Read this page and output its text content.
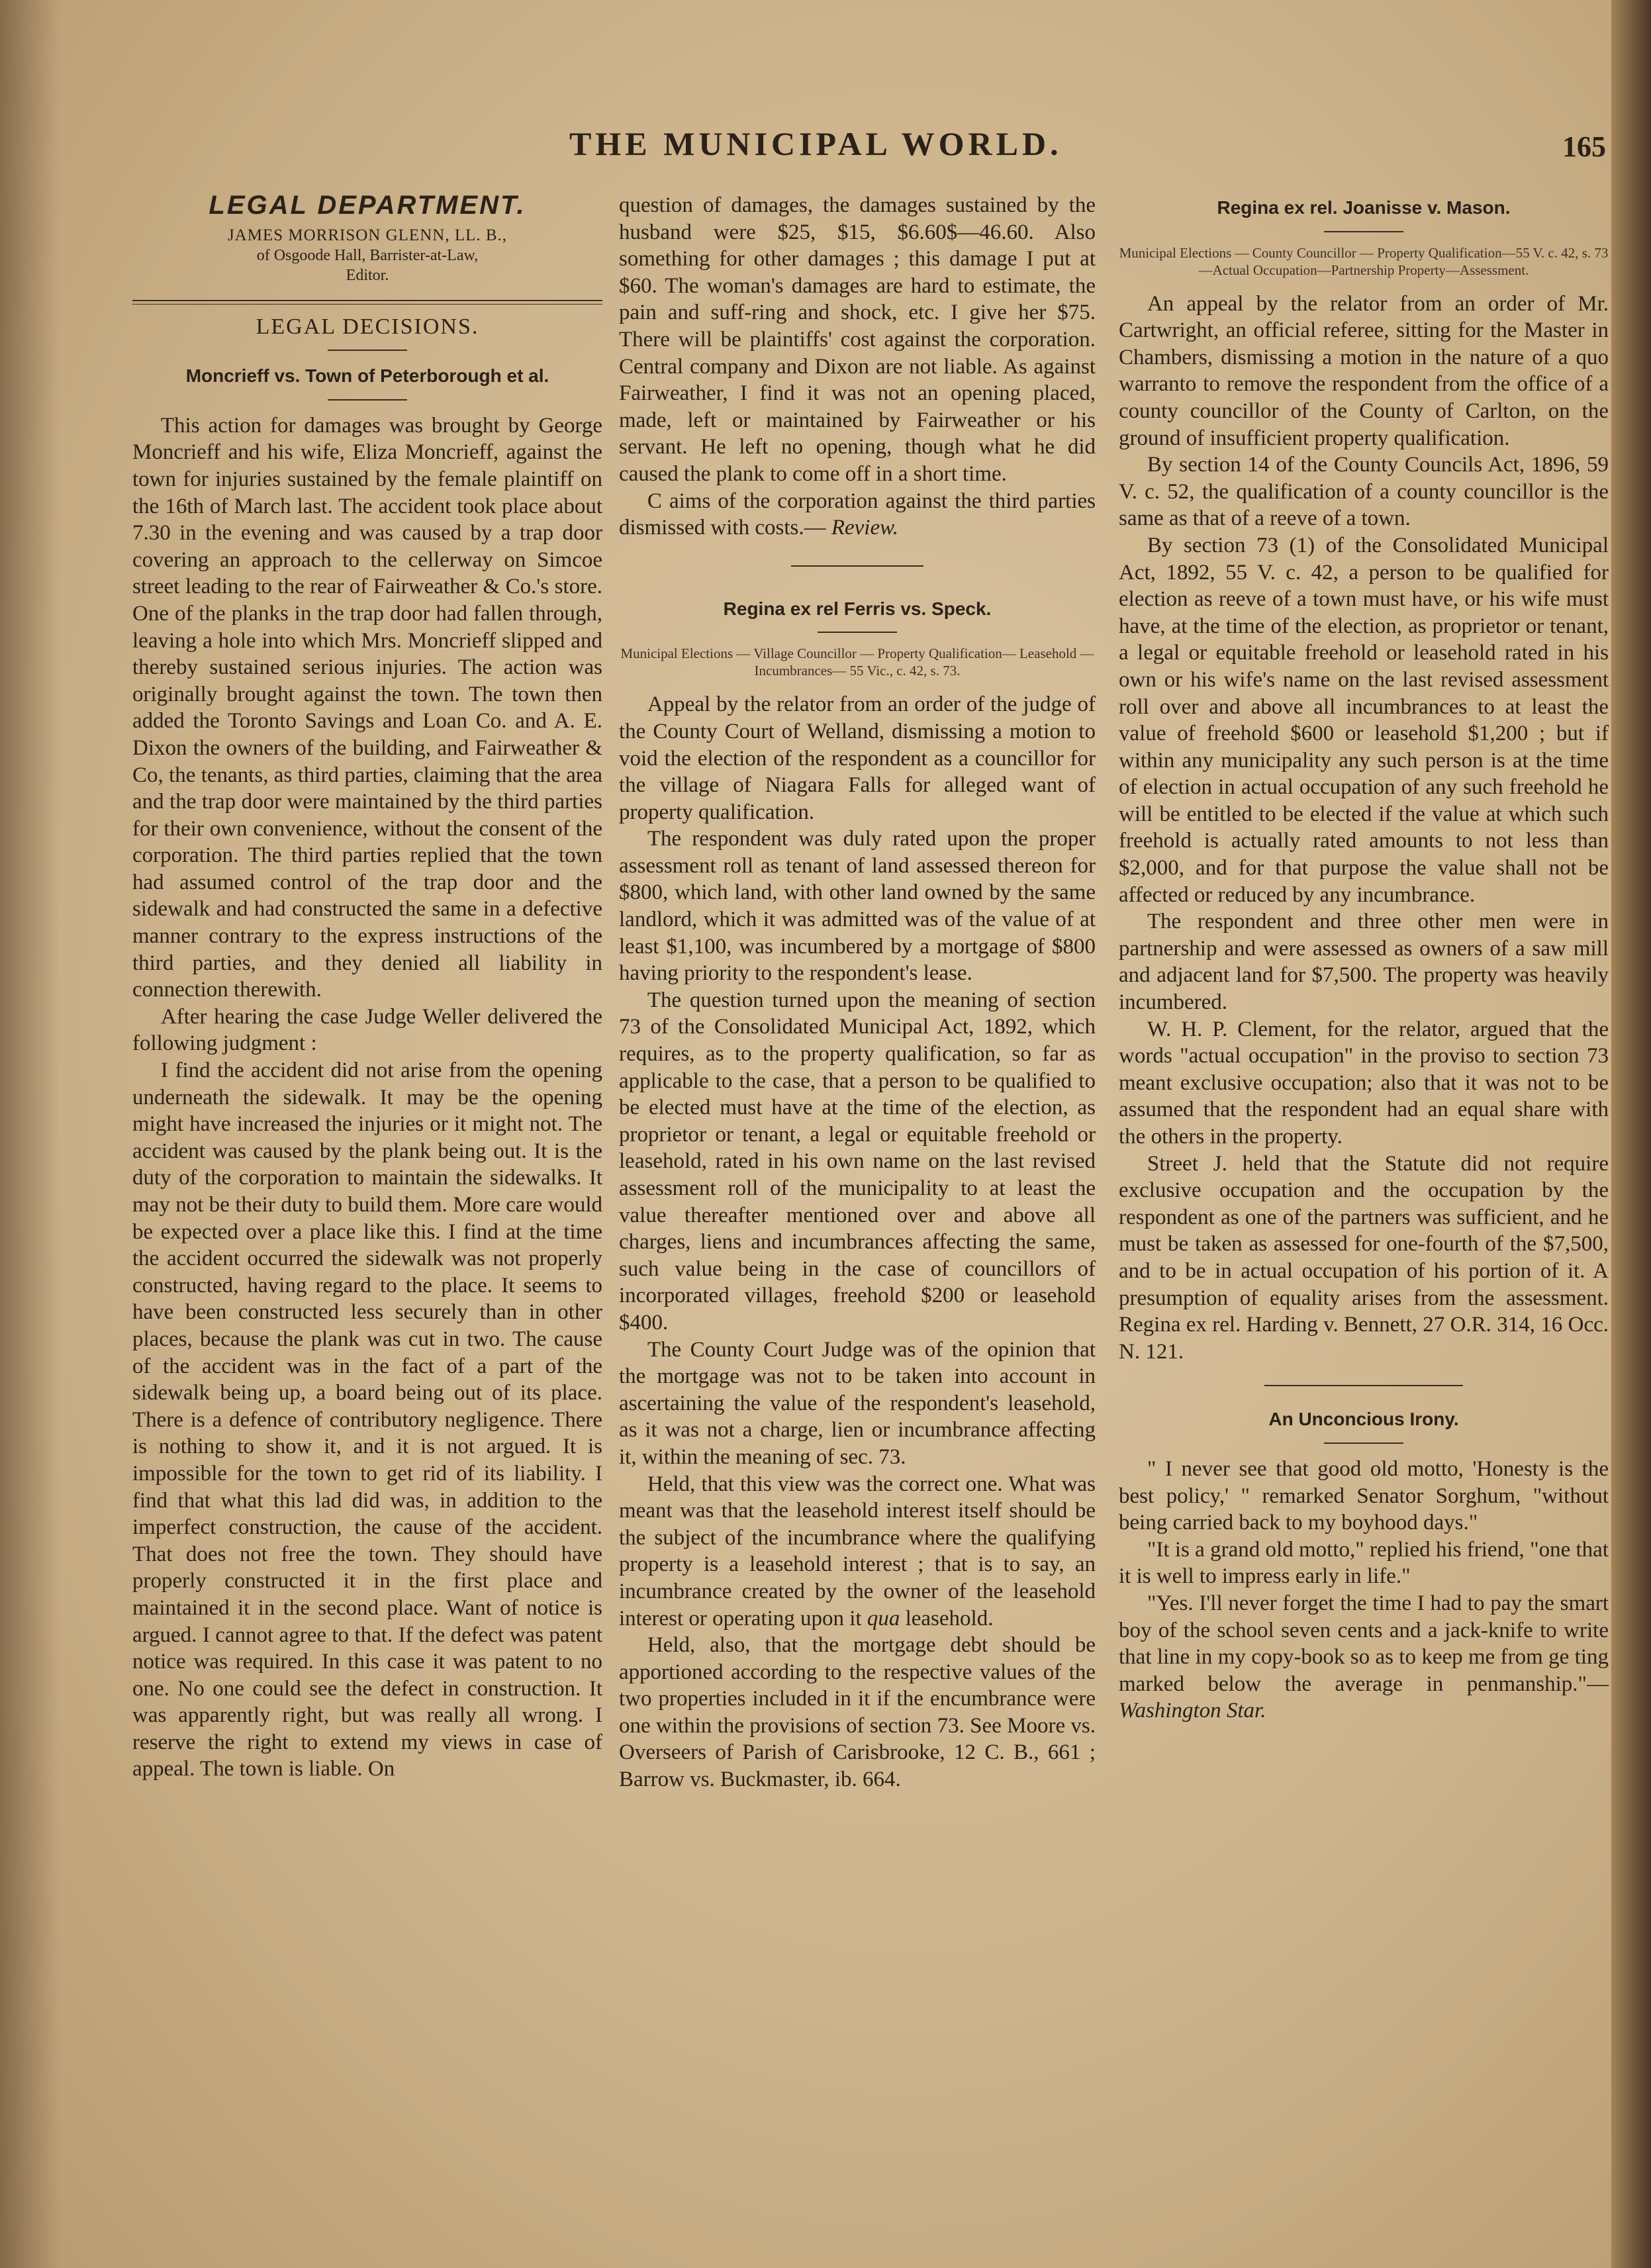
THE MUNICIPAL WORLD.	165
LEGAL DEPARTMENT.
JAMES MORRISON GLENN, LL. B.,
of Osgoode Hall, Barrister-at-Law,
Editor.
LEGAL DECISIONS.
Moncrieff vs. Town of Peterborough et al.

This action for damages was brought by George Moncrieff and his wife, Eliza Moncrieff, against the town for injuries sustained by the female plaintiff on the 16th of March last. The accident took place about 7.30 in the evening and was caused by a trap door covering an approach to the cellerway on Simcoe street leading to the rear of Fairweather & Co.'s store. One of the planks in the trap door had fallen through, leaving a hole into which Mrs. Moncrieff slipped and thereby sustained serious injuries. The action was originally brought against the town. The town then added the Toronto Savings and Loan Co. and A. E. Dixon the owners of the building, and Fairweather & Co, the tenants, as third parties, claiming that the area and the trap door were maintained by the third parties for their own convenience, without the consent of the corporation. The third parties replied that the town had assumed control of the trap door and the sidewalk and had constructed the same in a defective manner contrary to the express instructions of the third parties, and they denied all liability in connection therewith.

After hearing the case Judge Weller delivered the following judgment :

I find the accident did not arise from the opening underneath the sidewalk. It may be the opening might have increased the injuries or it might not. The accident was caused by the plank being out. It is the duty of the corporation to maintain the sidewalks. It may not be their duty to build them. More care would be expected over a place like this. I find at the time the accident occurred the sidewalk was not properly constructed, having regard to the place. It seems to have been constructed less securely than in other places, because the plank was cut in two. The cause of the accident was in the fact of a part of the sidewalk being up, a board being out of its place. There is a defence of contributory negligence. There is nothing to show it, and it is not argued. It is impossible for the town to get rid of its liability. I find that what this lad did was, in addition to the imperfect construction, the cause of the accident. That does not free the town. They should have properly constructed it in the first place and maintained it in the second place. Want of notice is argued. I cannot agree to that. If the defect was patent notice was required. In this case it was patent to no one. No one could see the defect in construction. It was apparently right, but was really all wrong. I reserve the right to extend my views in case of appeal. The town is liable. On

question of damages, the damages sustained by the husband were $25, $15, $6.60$—46.60. Also something for other damages ; this damage I put at $60. The woman's damages are hard to estimate, the pain and suff-ring and shock, etc. I give her $75. There will be plaintiffs' cost against the corporation. Central company and Dixon are not liable. As against Fairweather, I find it was not an opening placed, made, left or maintained by Fairweather or his servant. He left no opening, though what he did caused the plank to come off in a short time.

C aims of the corporation against the third parties dismissed with costs.— Review.

Regina ex rel Ferris vs. Speck.
Municipal Elections — Village Councillor — Property Qualification— Leasehold — Incumbrances— 55 Vic., c. 42, s. 73.

Appeal by the relator from an order of the judge of the County Court of Welland, dismissing a motion to void the election of the respondent as a councillor for the village of Niagara Falls for alleged want of property qualification.

The respondent was duly rated upon the proper assessment roll as tenant of land assessed thereon for $800, which land, with other land owned by the same landlord, which it was admitted was of the value of at least $1,100, was incumbered by a mortgage of $800 having priority to the respondent's lease.

The question turned upon the meaning of section 73 of the Consolidated Municipal Act, 1892, which requires, as to the property qualification, so far as applicable to the case, that a person to be qualified to be elected must have at the time of the election, as proprietor or tenant, a legal or equitable freehold or leasehold, rated in his own name on the last revised assessment roll of the municipality to at least the value thereafter mentioned over and above all charges, liens and incumbrances affecting the same, such value being in the case of councillors of incorporated villages, freehold $200 or leasehold $400.

The County Court Judge was of the opinion that the mortgage was not to be taken into account in ascertaining the value of the respondent's leasehold, as it was not a charge, lien or incumbrance affecting it, within the meaning of sec. 73.

Held, that this view was the correct one. What was meant was that the leasehold interest itself should be the subject of the incumbrance where the qualifying property is a leasehold interest ; that is to say, an incumbrance created by the owner of the leasehold interest or operating upon it qua leasehold.

Held, also, that the mortgage debt should be apportioned according to the respective values of the two properties included in it if the encumbrance were one within the provisions of section 73. See Moore vs. Overseers of Parish of Carisbrooke, 12 C. B., 661 ; Barrow vs. Buckmaster, ib. 664.

Regina ex rel. Joanisse v. Mason.
Municipal Elections — County Councillor — Property Qualification—55 V. c. 42, s. 73—Actual Occupation—Partnership Property—Assessment.

An appeal by the relator from an order of Mr. Cartwright, an official referee, sitting for the Master in Chambers, dismissing a motion in the nature of a quo warranto to remove the respondent from the office of a county councillor of the County of Carlton, on the ground of insufficient property qualification.

By section 14 of the County Councils Act, 1896, 59 V. c. 52, the qualification of a county councillor is the same as that of a reeve of a town.

By section 73 (1) of the Consolidated Municipal Act, 1892, 55 V. c. 42, a person to be qualified for election as reeve of a town must have, or his wife must have, at the time of the election, as proprietor or tenant, a legal or equitable freehold or leasehold rated in his own or his wife's name on the last revised assessment roll over and above all incumbrances to at least the value of freehold $600 or leasehold $1,200 ; but if within any municipality any such person is at the time of election in actual occupation of any such freehold he will be entitled to be elected if the value at which such freehold is actually rated amounts to not less than $2,000, and for that purpose the value shall not be affected or reduced by any incumbrance.

The respondent and three other men were in partnership and were assessed as owners of a saw mill and adjacent land for $7,500. The property was heavily incumbered.

W. H. P. Clement, for the relator, argued that the words "actual occupation" in the proviso to section 73 meant exclusive occupation; also that it was not to be assumed that the respondent had an equal share with the others in the property.

Street J. held that the Statute did not require exclusive occupation and the occupation by the respondent as one of the partners was sufficient, and he must be taken as assessed for one-fourth of the $7,500, and to be in actual occupation of his portion of it. A presumption of equality arises from the assessment. Regina ex rel. Harding v. Bennett, 27 O.R. 314, 16 Occ. N. 121.

An Unconcious Irony.

" I never see that good old motto, 'Honesty is the best policy,' " remarked Senator Sorghum, "without being carried back to my boyhood days."

"It is a grand old motto," replied his friend, "one that it is well to impress early in life."

"Yes. I'll never forget the time I had to pay the smart boy of the school seven cents and a jack-knife to write that line in my copy-book so as to keep me from ge ting marked below the average in penmanship."—Washington Star.
